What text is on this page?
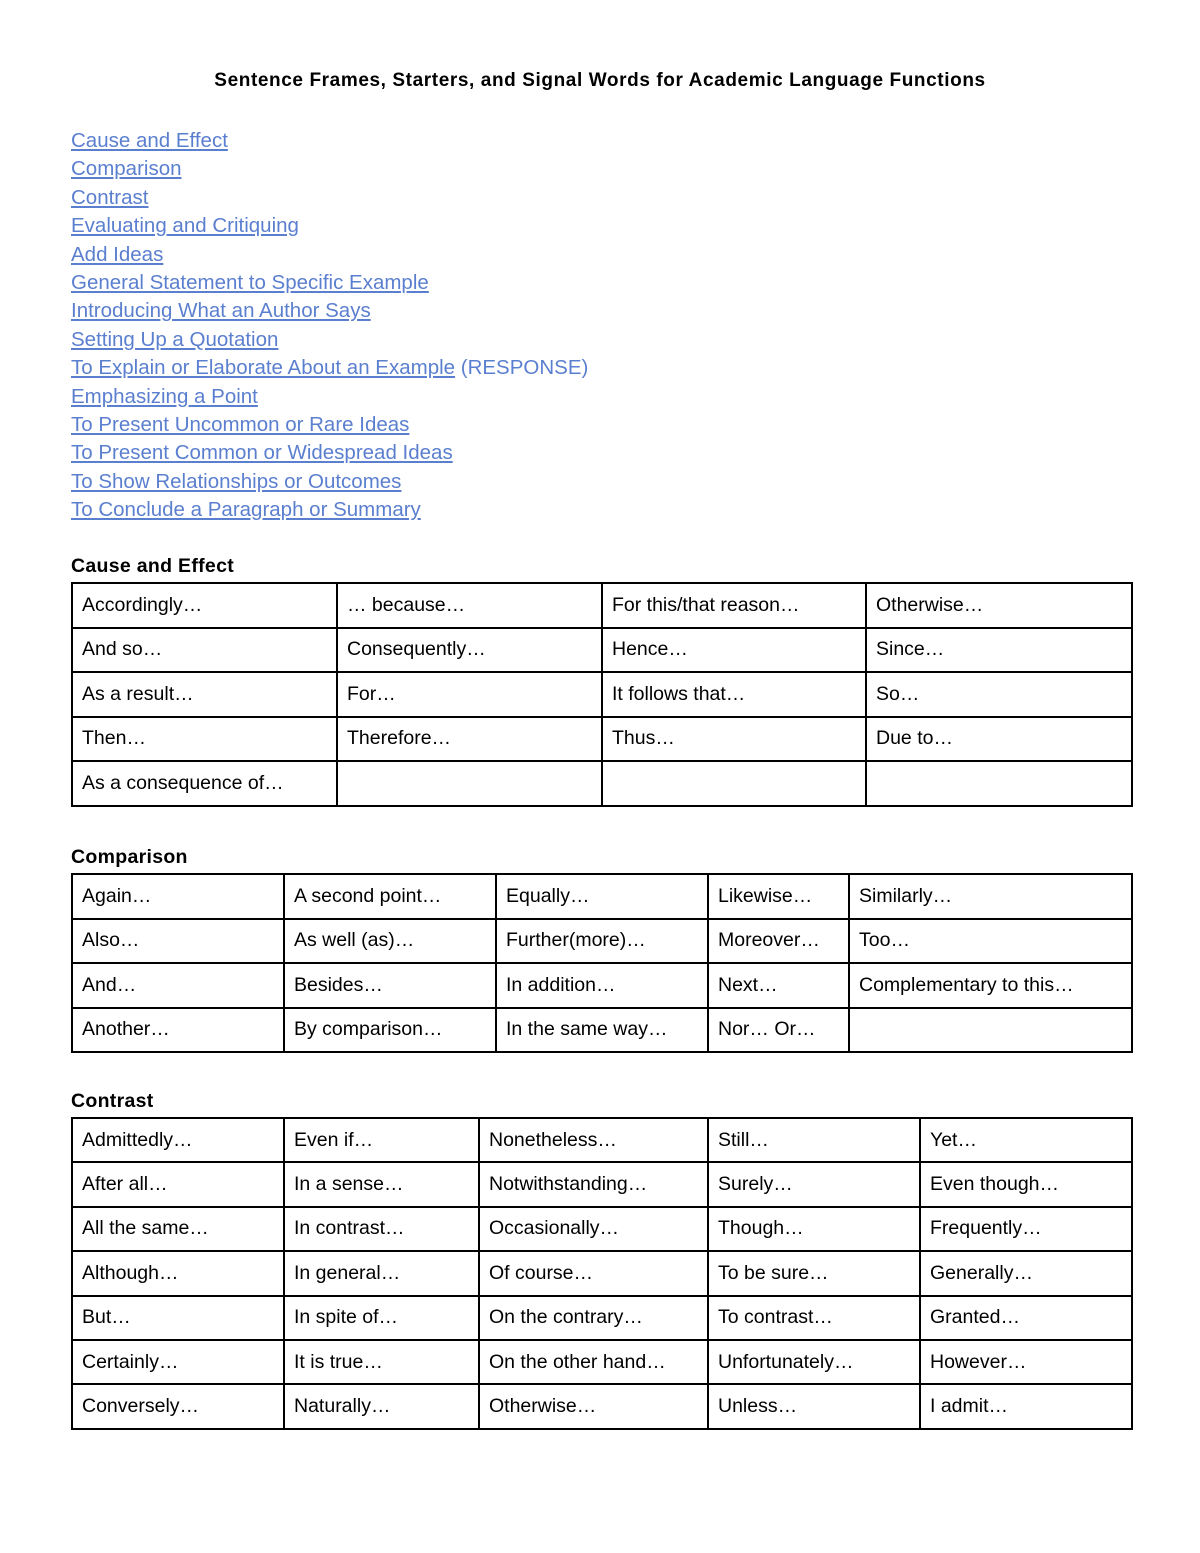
Sentence Frames, Starters, and Signal Words for Academic Language Functions
Cause and Effect
Comparison
Contrast
Evaluating and Critiquing
Add Ideas
General Statement to Specific Example
Introducing What an Author Says
Setting Up a Quotation
To Explain or Elaborate About an Example (RESPONSE)
Emphasizing a Point
To Present Uncommon or Rare Ideas
To Present Common or Widespread Ideas
To Show Relationships or Outcomes
To Conclude a Paragraph or Summary
Cause and Effect
Accordingly…	… because…	For this/that reason…	Otherwise…
And so…	Consequently…	Hence…	Since…
As a result…	For…	It follows that…	So…
Then…	Therefore…	Thus…	Due to…
As a consequence of…			
Comparison
Again…	A second point…	Equally…	Likewise…	Similarly…
Also…	As well (as)…	Further(more)…	Moreover…	Too…
And…	Besides…	In addition…	Next…	Complementary to this…
Another…	By comparison…	In the same way…	Nor… Or…	
Contrast
Admittedly…	Even if…	Nonetheless…	Still…	Yet…
After all…	In a sense…	Notwithstanding…	Surely…	Even though…
All the same…	In contrast…	Occasionally…	Though…	Frequently…
Although…	In general…	Of course…	To be sure…	Generally…
But…	In spite of…	On the contrary…	To contrast…	Granted…
Certainly…	It is true…	On the other hand…	Unfortunately…	However…
Conversely…	Naturally…	Otherwise…	Unless…	I admit…
